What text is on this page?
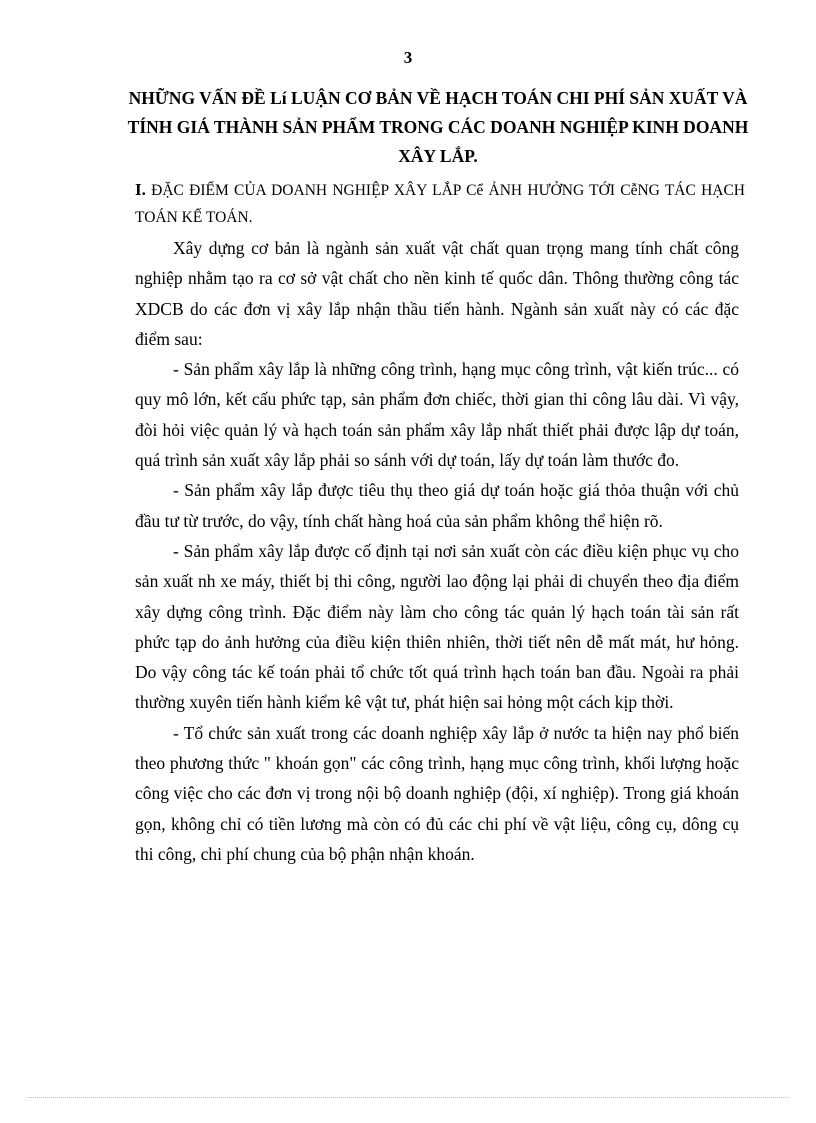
3
NHỮNG VẤN ĐỀ Lí LUẬN CƠ BẢN VỀ HẠCH TOÁN CHI PHÍ SẢN XUẤT VÀ TÍNH GIÁ THÀNH SẢN PHẨM TRONG CÁC DOANH NGHIỆP KINH DOANH XÂY LẮP.
I. ĐẶC ĐIỂM CỦA DOANH NGHIỆP XÂY LẮP Cể ẢNH HƯỞNG TỚI CễNG TÁC HẠCH TOÁN KẾ TOÁN.

Xây dựng cơ bản là ngành sản xuất vật chất quan trọng mang tính chất công nghiệp nhằm tạo ra cơ sở vật chất cho nền kinh tế quốc dân. Thông thường công tác XDCB do các đơn vị xây lắp nhận thầu tiến hành. Ngành sản xuất này có các đặc điểm sau:

- Sản phẩm xây lắp là những công trình, hạng mục công trình, vật kiến trúc... có quy mô lớn, kết cấu phức tạp, sản phẩm đơn chiếc, thời gian thi công lâu dài. Vì vậy, đòi hỏi việc quản lý và hạch toán sản phẩm xây lắp nhất thiết phải được lập dự toán, quá trình sản xuất xây lắp phải so sánh với dự toán, lấy dự toán làm thước đo.

- Sản phẩm xây lắp được tiêu thụ theo giá dự toán hoặc giá thỏa thuận với chủ đầu tư từ trước, do vậy, tính chất hàng hoá của sản phẩm không thể hiện rõ.

- Sản phẩm xây lắp được cố định tại nơi sản xuất còn các điều kiện phục vụ cho sản xuất nh xe máy, thiết bị thi công, người lao động lại phải di chuyển theo địa điểm xây dựng công trình. Đặc điểm này làm cho công tác quản lý hạch toán tài sản rất phức tạp do ảnh hưởng của điều kiện thiên nhiên, thời tiết nên dễ mất mát, hư hỏng. Do vậy công tác kế toán phải tổ chức tốt quá trình hạch toán ban đầu. Ngoài ra phải thường xuyên tiến hành kiểm kê vật tư, phát hiện sai hỏng một cách kịp thời.

- Tổ chức sản xuất trong các doanh nghiệp xây lắp ở nước ta hiện nay phổ biến theo phương thức " khoán gọn" các công trình, hạng mục công trình, khối lượng hoặc công việc cho các đơn vị trong nội bộ doanh nghiệp (đội, xí nghiệp). Trong giá khoán gọn, không chỉ có tiền lương mà còn có đủ các chi phí về vật liệu, công cụ, dông cụ thi công, chi phí chung của bộ phận nhận khoán.
